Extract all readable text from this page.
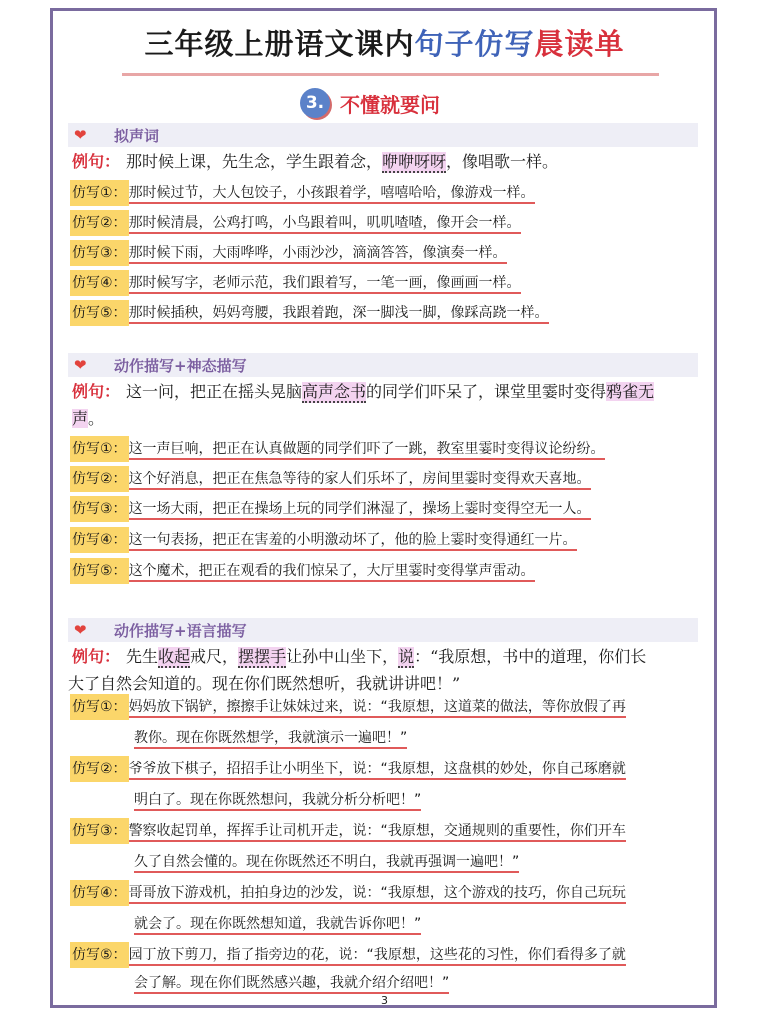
三年级上册语文课内句子仿写晨读单
3. 不懂就要问
❤	拟声词
例句： 那时候上课，先生念，学生跟着念，咿咿呀呀，像唱歌一样。
仿写①： 那时候过节，大人包饺子，小孩跟着学，嘻嘻哈哈，像游戏一样。
仿写②： 那时候清晨，公鸡打鸣，小鸟跟着叫，叽叽喳喳，像开会一样。
仿写③： 那时候下雨，大雨哗哗，小雨沙沙，滴滴答答，像演奏一样。
仿写④： 那时候写字，老师示范，我们跟着写，一笔一画，像画画一样。
仿写⑤： 那时候插秧，妈妈弯腰，我跟着跑，深一脚浅一脚，像踩高跷一样。
❤	动作描写+神态描写
例句： 这一问，把正在摇头晃脑高声念书的同学们吓呆了，课堂里霎时变得鸦雀无
声。
仿写①： 这一声巨响，把正在认真做题的同学们吓了一跳，教室里霎时变得议论纷纷。
仿写②： 这个好消息，把正在焦急等待的家人们乐坏了，房间里霎时变得欢天喜地。
仿写③： 这一场大雨，把正在操场上玩的同学们淋湿了，操场上霎时变得空无一人。
仿写④： 这一句表扬，把正在害羞的小明激动坏了，他的脸上霎时变得通红一片。
仿写⑤： 这个魔术，把正在观看的我们惊呆了，大厅里霎时变得掌声雷动。
❤	动作描写+语言描写
例句： 先生收起戒尺，摆摆手让孙中山坐下，说：“我原想，书中的道理，你们长
大了自然会知道的。现在你们既然想听，我就讲讲吧！”
仿写①： 妈妈放下锅铲，擦擦手让妹妹过来，说：“我原想，这道菜的做法，等你放假了再
教你。现在你既然想学，我就演示一遍吧！”
仿写②： 爷爷放下棋子，招招手让小明坐下，说：“我原想，这盘棋的妙处，你自己琢磨就
明白了。现在你既然想问，我就分析分析吧！”
仿写③： 警察收起罚单，挥挥手让司机开走，说：“我原想，交通规则的重要性，你们开车
久了自然会懂的。现在你既然还不明白，我就再强调一遍吧！”
仿写④： 哥哥放下游戏机，拍拍身边的沙发，说：“我原想，这个游戏的技巧，你自己玩玩
就会了。现在你既然想知道，我就告诉你吧！”
仿写⑤： 园丁放下剪刀，指了指旁边的花，说：“我原想，这些花的习性，你们看得多了就
会了解。现在你们既然感兴趣，我就介绍介绍吧！”
3
